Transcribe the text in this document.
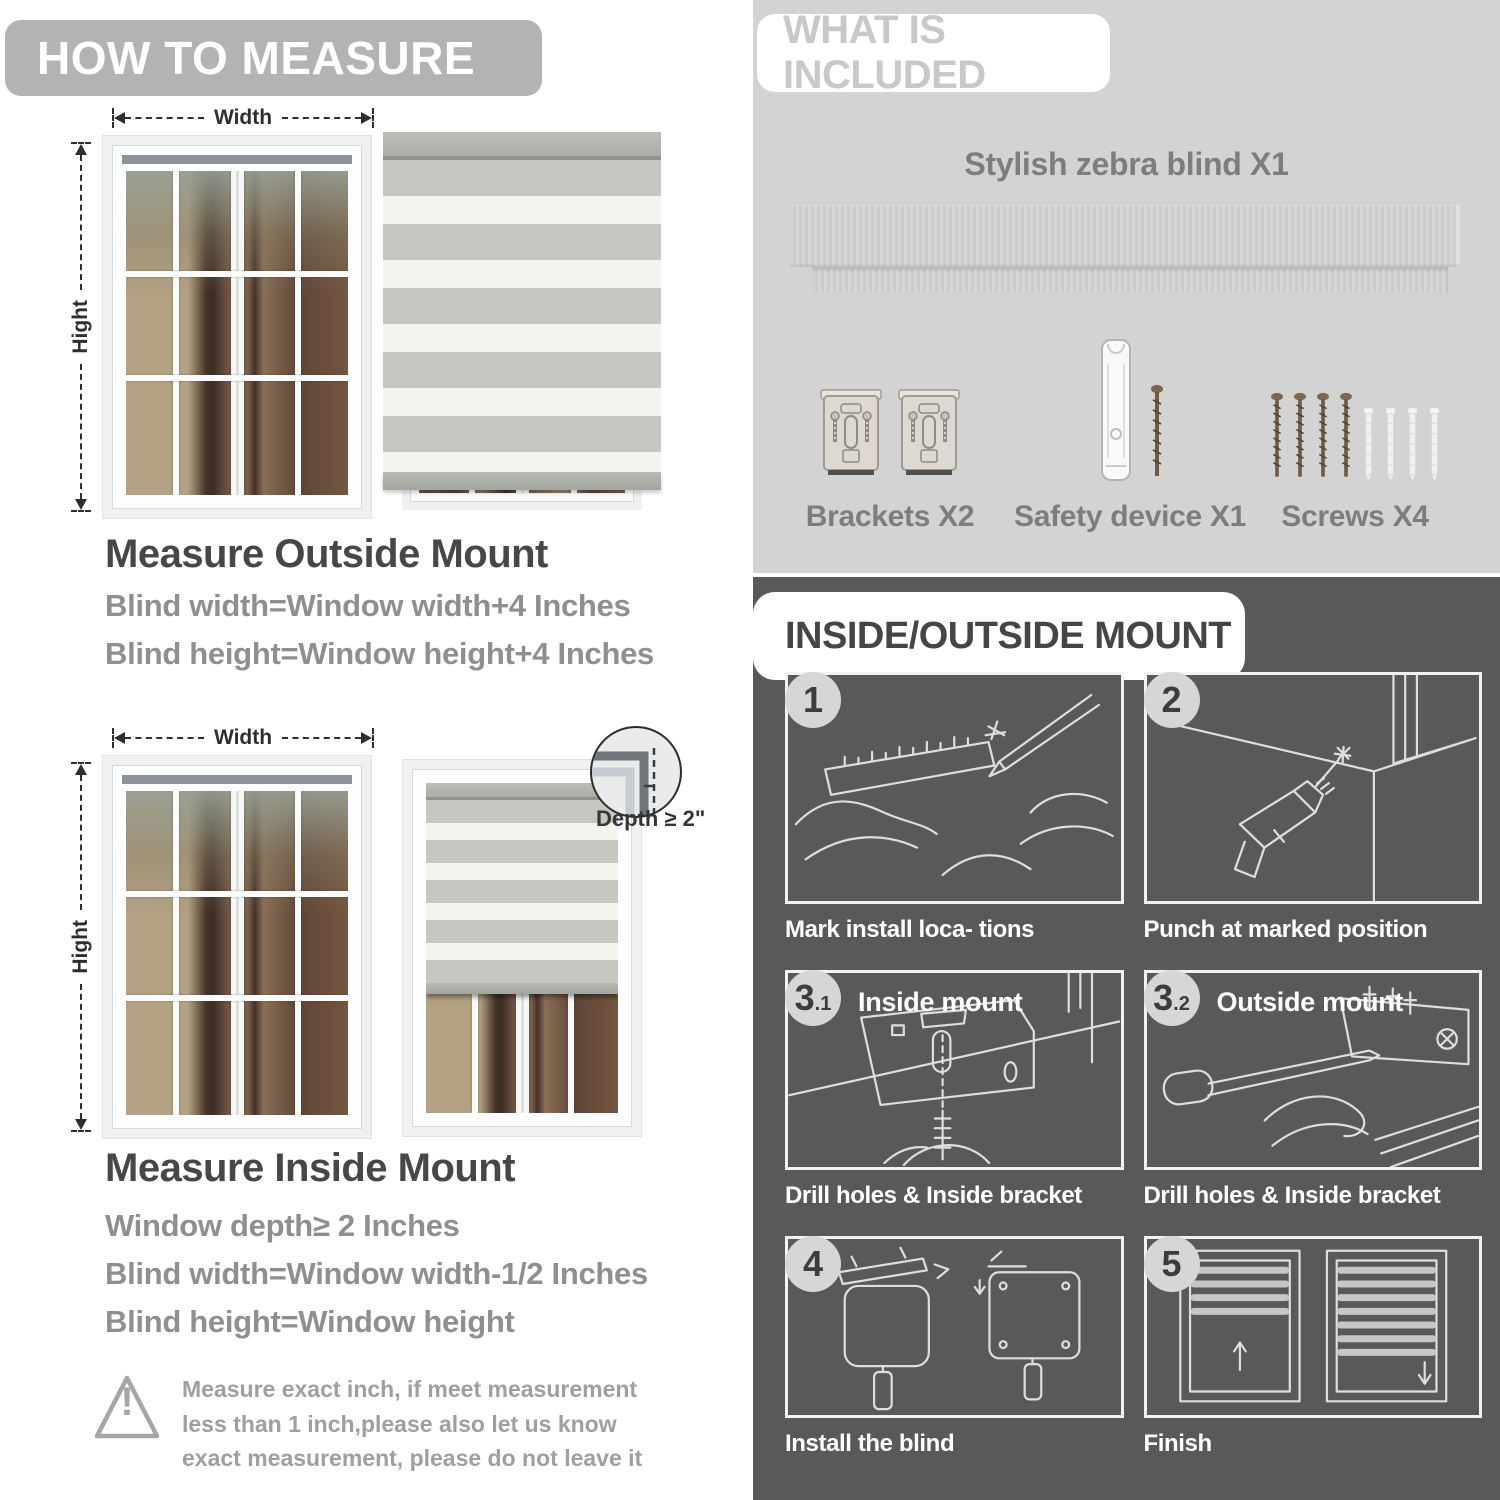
HOW TO MEASURE
Width
Hight
Measure Outside Mount
Blind width=Window width+4 Inches
Blind height=Window height+4 Inches
Width
Hight
Depth ≥ 2"
Measure Inside Mount
Window depth≥ 2 Inches
Blind width=Window width-1/2 Inches
Blind height=Window height
!	Measure exact inch, if meet measurement less than 1 inch,please also let us know exact measurement, please do not leave it
WHAT IS INCLUDED
Stylish zebra blind X1
Brackets X2 Safety device X1 Screws X4
INSIDE/OUTSIDE MOUNT
1
Mark install loca- tions
2
Punch at marked position
3 .1 Inside mount
Drill holes & Inside bracket
3 .2 Outside mount
Drill holes & Inside bracket
4
Install the blind
5
Finish
